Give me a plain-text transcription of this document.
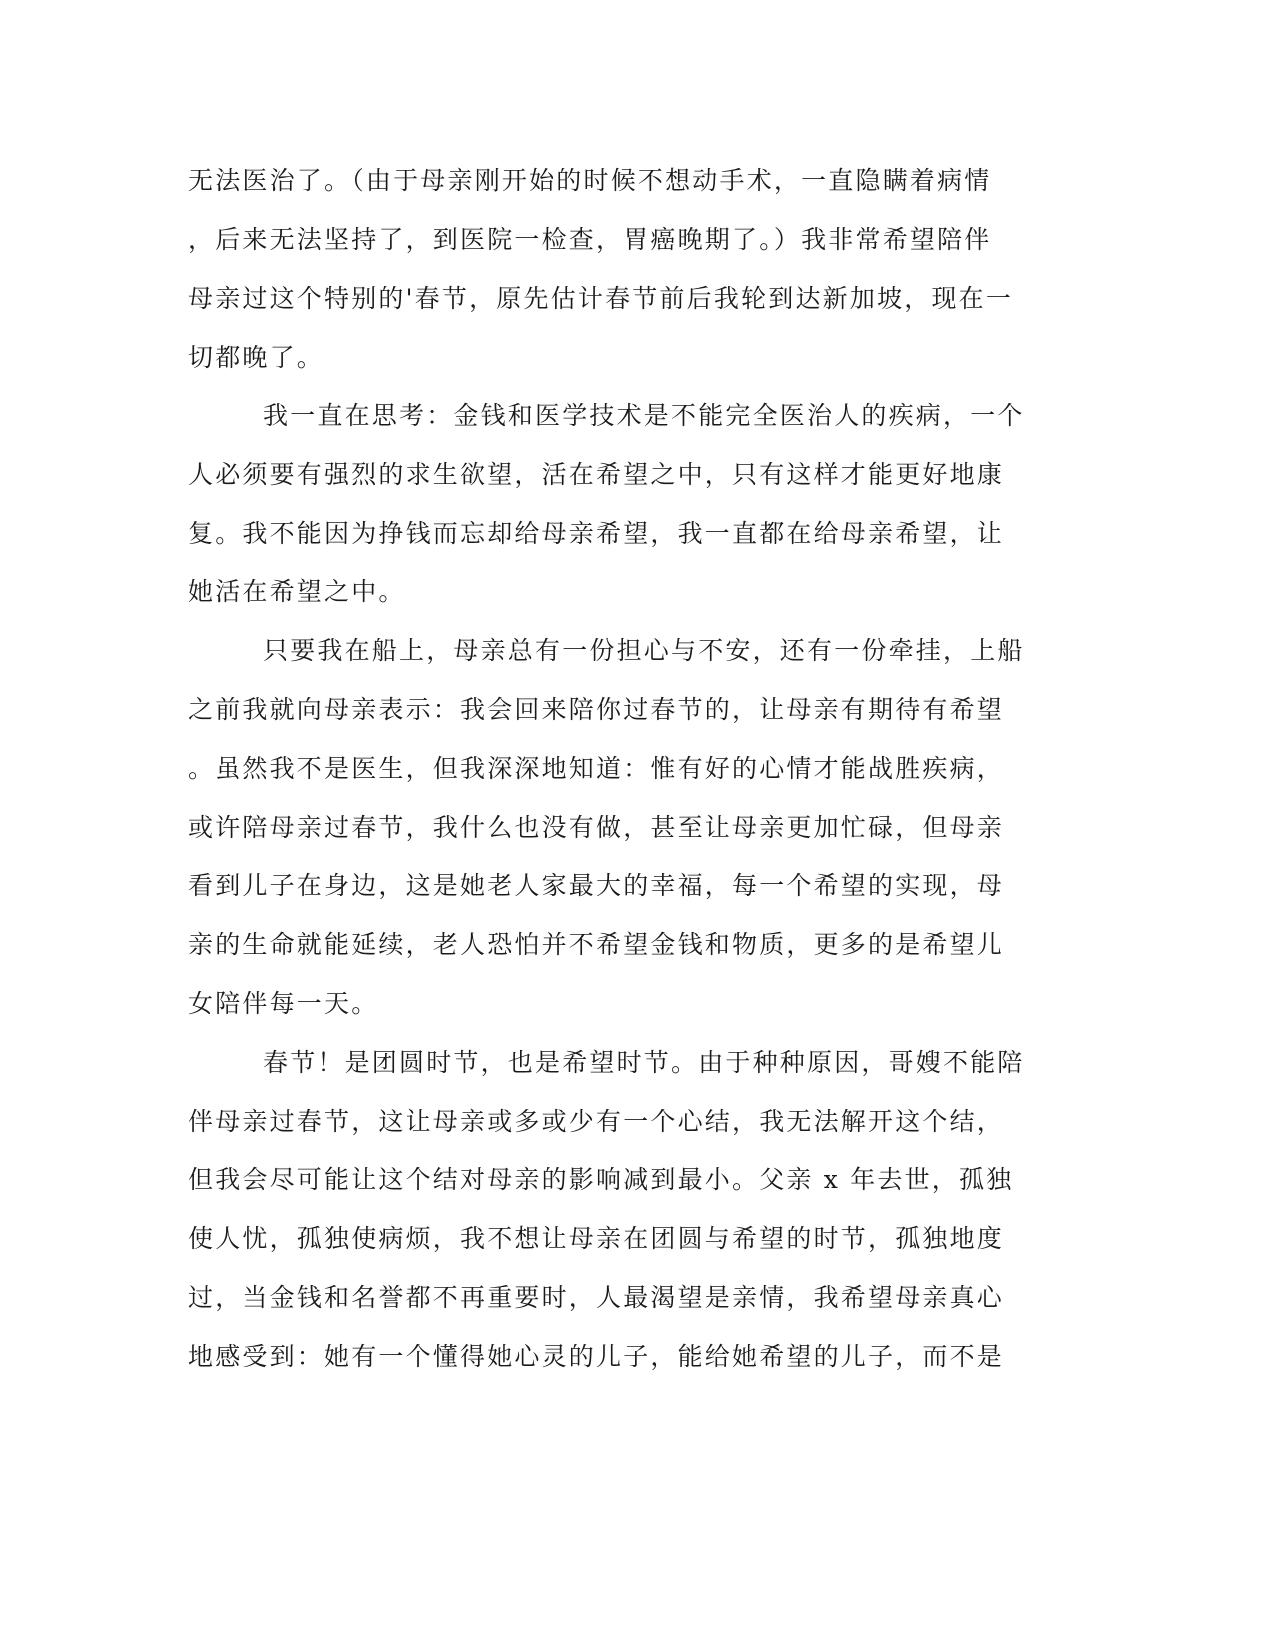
无法医治了。（由于母亲刚开始的时候不想动手术，一直隐瞒着病情
，后来无法坚持了，到医院一检查，胃癌晚期了。）我非常希望陪伴
母亲过这个特别的'春节，原先估计春节前后我轮到达新加坡，现在一
切都晚了。
我一直在思考：金钱和医学技术是不能完全医治人的疾病，一个
人必须要有强烈的求生欲望，活在希望之中，只有这样才能更好地康
复。我不能因为挣钱而忘却给母亲希望，我一直都在给母亲希望，让
她活在希望之中。
只要我在船上，母亲总有一份担心与不安，还有一份牵挂，上船
之前我就向母亲表示：我会回来陪你过春节的，让母亲有期待有希望
。虽然我不是医生，但我深深地知道：惟有好的心情才能战胜疾病，
或许陪母亲过春节，我什么也没有做，甚至让母亲更加忙碌，但母亲
看到儿子在身边，这是她老人家最大的幸福，每一个希望的实现，母
亲的生命就能延续，老人恐怕并不希望金钱和物质，更多的是希望儿
女陪伴每一天。
春节！是团圆时节，也是希望时节。由于种种原因，哥嫂不能陪
伴母亲过春节，这让母亲或多或少有一个心结，我无法解开这个结，
但我会尽可能让这个结对母亲的影响减到最小。父亲 x 年去世，孤独
使人忧，孤独使病烦，我不想让母亲在团圆与希望的时节，孤独地度
过，当金钱和名誉都不再重要时，人最渴望是亲情，我希望母亲真心
地感受到：她有一个懂得她心灵的儿子，能给她希望的儿子，而不是
